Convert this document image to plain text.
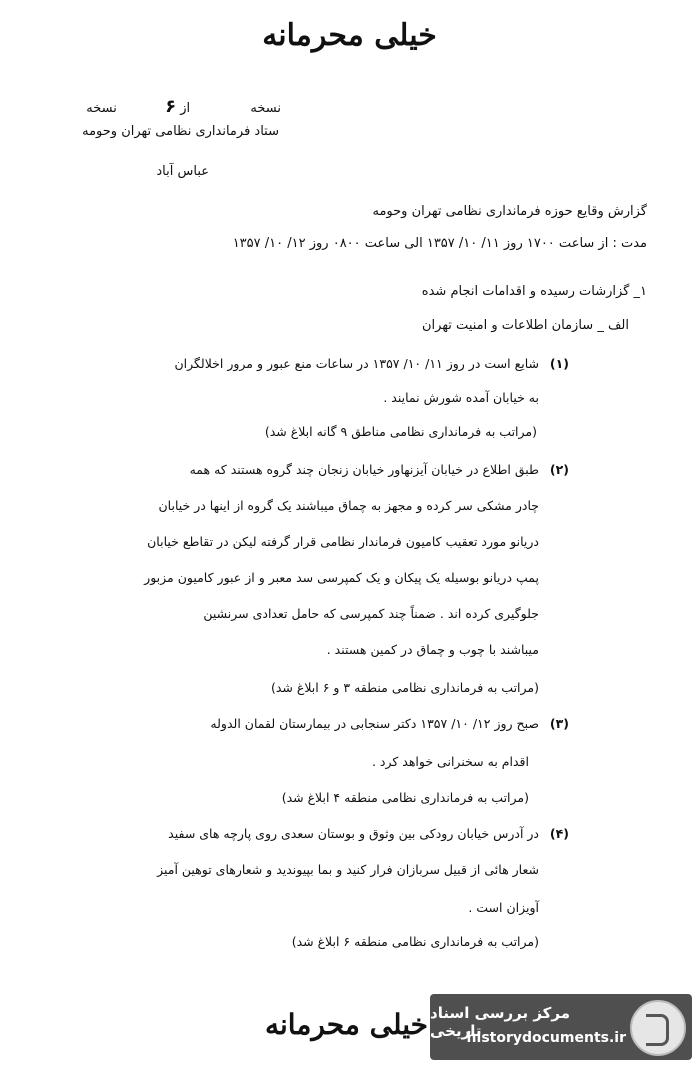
خیلی محرمانه
نسخه  از ۶  نسخه
ستاد فرمانداری نظامی تهران وحومه
عباس آباد
گزارش وقایع حوزه فرمانداری نظامی تهران وحومه
مدت : از ساعت ۱۷۰۰ روز ۱۱/ ۱۰/ ۱۳۵۷ الی ساعت ۰۸۰۰ روز ۱۲/ ۱۰/ ۱۳۵۷
۱_ گزارشات رسیده و اقدامات انجام شده
الف _ سازمان اطلاعات و امنیت تهران
(۱)
شایع است در روز ۱۱/ ۱۰/ ۱۳۵۷ در ساعات منع عبور و مرور اخلالگران
به خیابان آمده شورش نمایند .
(مراتب به فرمانداری نظامی مناطق ۹ گانه ابلاغ شد)
(۲)
طبق اطلاع در خیابان آیزنهاور خیابان زنجان چند گروه هستند که همه
چادر مشکی سر کرده و مجهز به چماق میباشند یک گروه از اینها در خیابان
دریانو مورد تعقیب کامیون فرماندار نظامی قرار گرفته لیکن در تقاطع خیابان
پمپ دریانو بوسیله یک پیکان و یک کمپرسی سد معبر و از عبور کامیون مزبور
جلوگیری کرده اند . ضمناً چند کمپرسی که حامل تعدادی سرنشین
میباشند با چوب و چماق در کمین هستند .
(مراتب به فرمانداری نظامی منطقه ۳ و ۶ ابلاغ شد)
(۳)
صبح روز ۱۲/ ۱۰/ ۱۳۵۷ دکتر سنجابی در بیمارستان لقمان الدوله
اقدام به سخنرانی خواهد کرد .
(مراتب به فرمانداری نظامی منطقه ۴ ابلاغ شد)
(۴)
در آدرس خیابان رودکی بین وثوق و بوستان سعدی روی پارچه های سفید
شعار هائی از قبیل سربازان فرار کنید و بما بپیوندید و شعارهای توهین آمیز
آویزان است .
(مراتب به فرمانداری نظامی منطقه ۶ ابلاغ شد)
خیلی محرمانه مرکز بررسی اسناد تاریخی
historydocuments.ir
